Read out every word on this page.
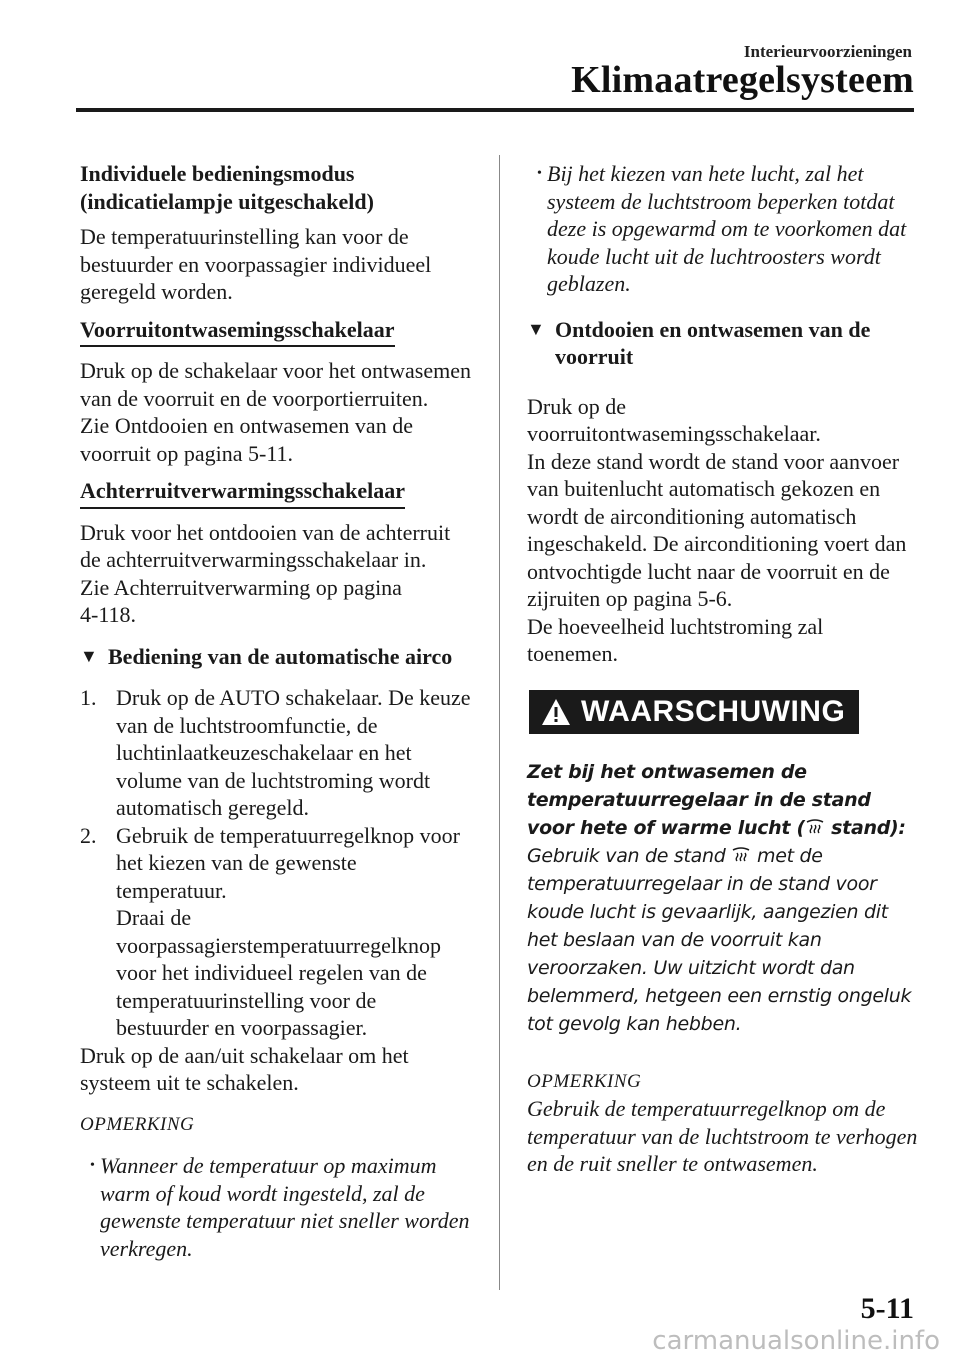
Interieurvoorzieningen
Klimaatregelsysteem

Individuele bedieningsmodus
(indicatielampje uitgeschakeld)

De temperatuurinstelling kan voor de bestuurder en voorpassagier individueel geregeld worden.

Voorruitontwasemingsschakelaar

Druk op de schakelaar voor het ontwasemen van de voorruit en de voorportierruiten.

Zie Ontdooien en ontwasemen van de voorruit op pagina 5-11.

Achterruitverwarmingsschakelaar

Druk voor het ontdooien van de achterruit de achterruitverwarmingsschakelaar in.

Zie Achterruitverwarming op pagina
4-118.

▼ Bediening van de automatische airco
1. Druk op de AUTO schakelaar. De keuze van de luchtstroomfunctie, de luchtinlaatkeuzeschakelaar en het volume van de luchtstroming wordt automatisch geregeld.
2. Gebruik de temperatuurregelknop voor het kiezen van de gewenste temperatuur.
Draai de voorpassagierstemperatuurregelknop voor het individueel regelen van de temperatuurinstelling voor de bestuurder en voorpassagier.

Druk op de aan/uit schakelaar om het systeem uit te schakelen.

OPMERKING

• Wanneer de temperatuur op maximum warm of koud wordt ingesteld, zal de gewenste temperatuur niet sneller worden verkregen.
• Bij het kiezen van hete lucht, zal het systeem de luchtstroom beperken totdat deze is opgewarmd om te voorkomen dat koude lucht uit de luchtroosters wordt geblazen.
▼ Ontdooien en ontwasemen van de voorruit

Druk op de
voorruitontwasemingsschakelaar.

In deze stand wordt de stand voor aanvoer van buitenlucht automatisch gekozen en wordt de airconditioning automatisch ingeschakeld. De airconditioning voert dan ontvochtigde lucht naar de voorruit en de zijruiten op pagina 5-6.

De hoeveelheid luchtstroming zal toenemen.

WAARSCHUWING

Zet bij het ontwasemen de temperatuurregelaar in de stand voor hete of warme lucht ( stand):

Gebruik van de stand  met de temperatuurregelaar in de stand voor koude lucht is gevaarlijk, aangezien dit het beslaan van de voorruit kan veroorzaken. Uw uitzicht wordt dan belemmerd, hetgeen een ernstig ongeluk tot gevolg kan hebben.

OPMERKING

Gebruik de temperatuurregelknop om de temperatuur van de luchtstroom te verhogen en de ruit sneller te ontwasemen.

5-11
carmanualsonline.info
